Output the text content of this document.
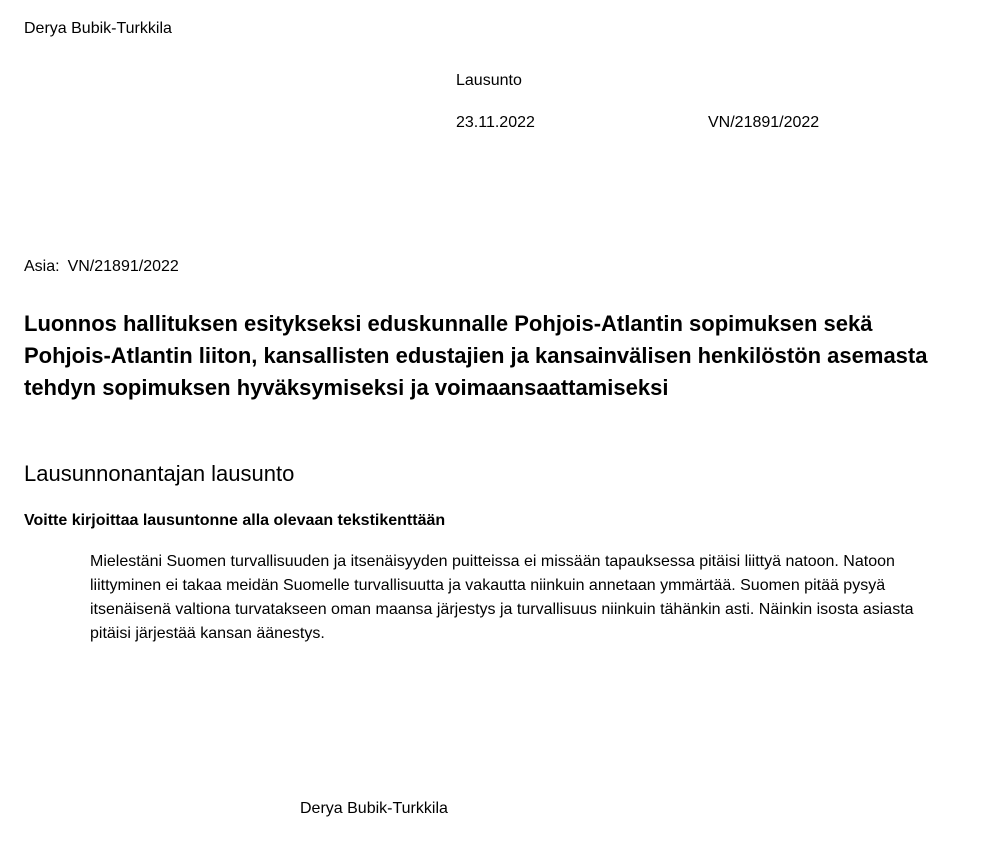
Derya Bubik-Turkkila
Lausunto
23.11.2022	VN/21891/2022
Asia: VN/21891/2022
Luonnos hallituksen esitykseksi eduskunnalle Pohjois-Atlantin sopimuksen sekä Pohjois-Atlantin liiton, kansallisten edustajien ja kansainvälisen henkilöstön asemasta tehdyn sopimuksen hyväksymiseksi ja voimaansaattamiseksi
Lausunnonantajan lausunto
Voitte kirjoittaa lausuntonne alla olevaan tekstikenttään
Mielestäni Suomen turvallisuuden ja itsenäisyyden puitteissa ei missään tapauksessa pitäisi liittyä natoon. Natoon liittyminen ei takaa meidän Suomelle turvallisuutta ja vakautta niinkuin annetaan ymmärtää. Suomen pitää pysyä itsenäisenä valtiona turvatakseen oman maansa järjestys ja turvallisuus niinkuin tähänkin asti. Näinkin isosta asiasta pitäisi järjestää kansan äänestys.
Derya Bubik-Turkkila
